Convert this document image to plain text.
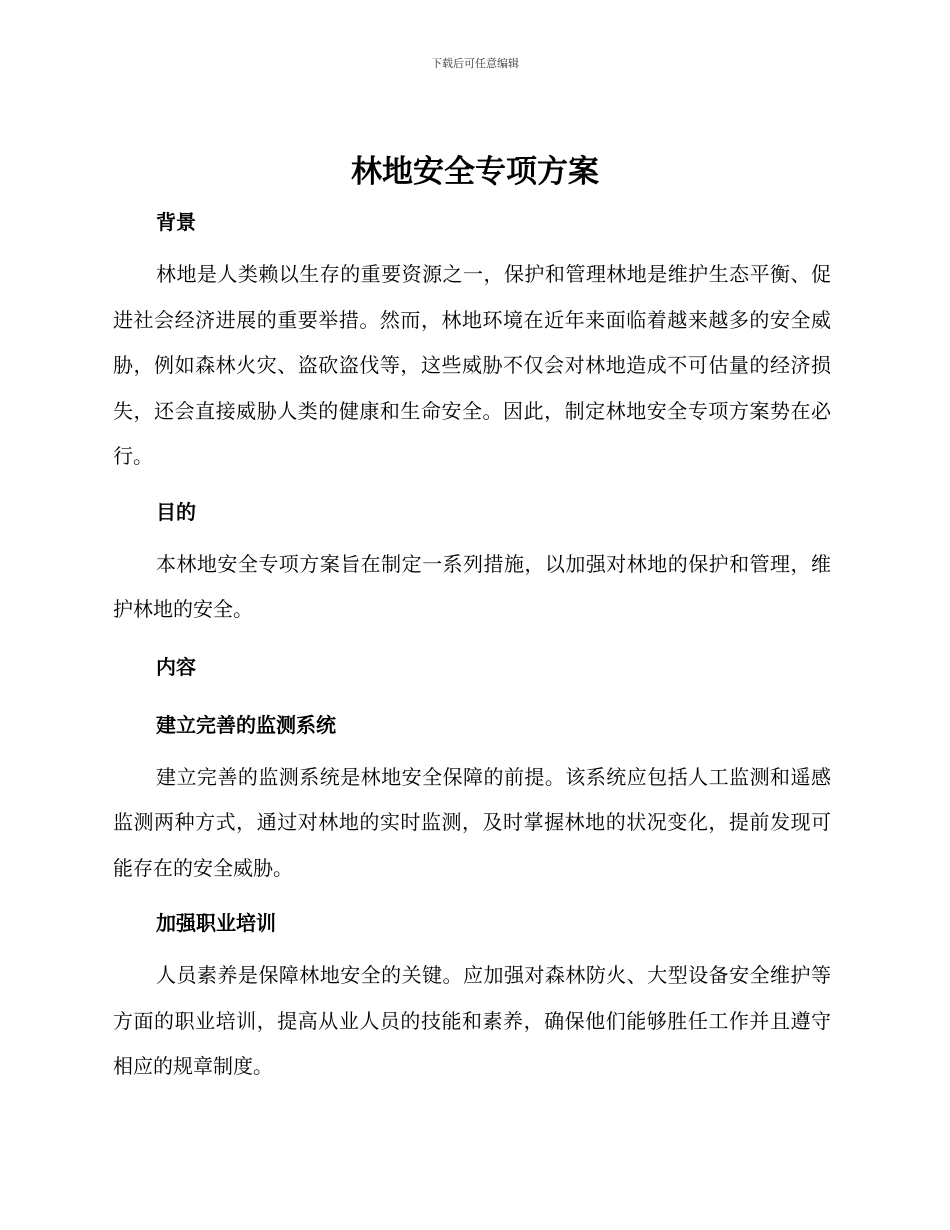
下载后可任意编辑
林地安全专项方案
背景

林地是人类赖以生存的重要资源之一，保护和管理林地是维护生态平衡、促进社会经济进展的重要举措。然而，林地环境在近年来面临着越来越多的安全威胁，例如森林火灾、盗砍盗伐等，这些威胁不仅会对林地造成不可估量的经济损失，还会直接威胁人类的健康和生命安全。因此，制定林地安全专项方案势在必行。

目的

本林地安全专项方案旨在制定一系列措施，以加强对林地的保护和管理，维护林地的安全。

内容
建立完善的监测系统

建立完善的监测系统是林地安全保障的前提。该系统应包括人工监测和遥感监测两种方式，通过对林地的实时监测，及时掌握林地的状况变化，提前发现可能存在的安全威胁。

加强职业培训

人员素养是保障林地安全的关键。应加强对森林防火、大型设备安全维护等方面的职业培训，提高从业人员的技能和素养，确保他们能够胜任工作并且遵守相应的规章制度。
